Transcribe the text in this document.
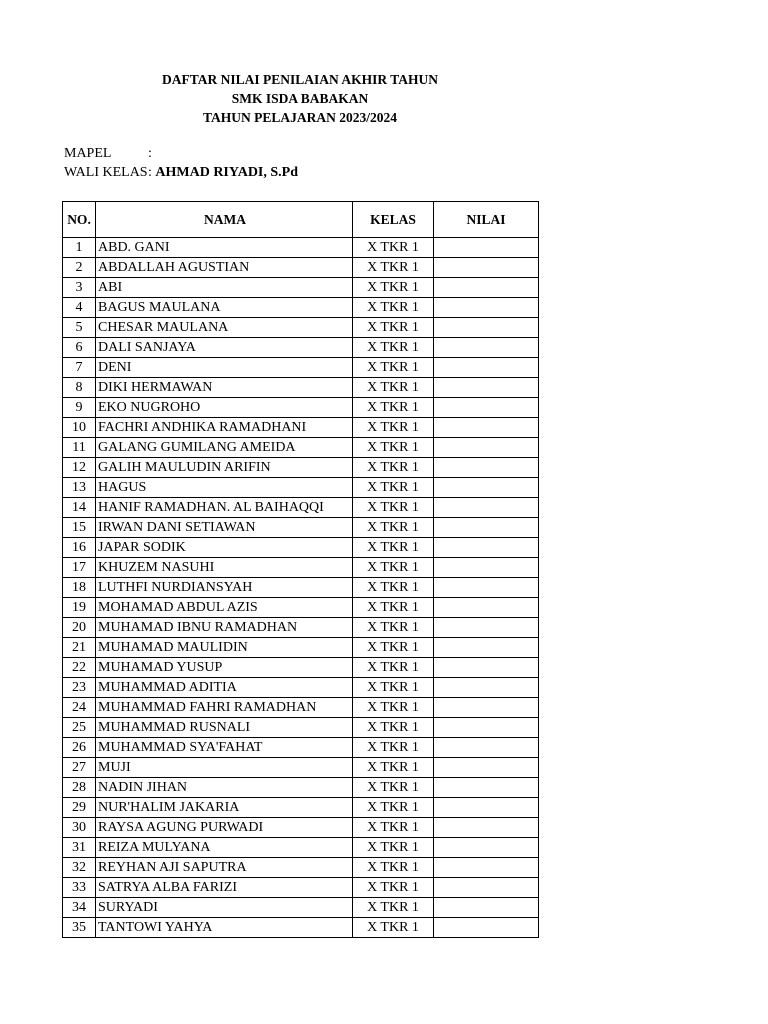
DAFTAR NILAI PENILAIAN AKHIR TAHUN
SMK ISDA BABAKAN
TAHUN PELAJARAN 2023/2024
MAPEL	:
WALI KELAS: AHMAD RIYADI, S.Pd
NO.	NAMA	KELAS	NILAI
1	ABD. GANI	X TKR 1	
2	ABDALLAH AGUSTIAN	X TKR 1	
3	ABI	X TKR 1	
4	BAGUS MAULANA	X TKR 1	
5	CHESAR MAULANA	X TKR 1	
6	DALI SANJAYA	X TKR 1	
7	DENI	X TKR 1	
8	DIKI HERMAWAN	X TKR 1	
9	EKO NUGROHO	X TKR 1	
10	FACHRI ANDHIKA RAMADHANI	X TKR 1	
11	GALANG GUMILANG AMEIDA	X TKR 1	
12	GALIH MAULUDIN ARIFIN	X TKR 1	
13	HAGUS	X TKR 1	
14	HANIF RAMADHAN. AL BAIHAQQI	X TKR 1	
15	IRWAN DANI SETIAWAN	X TKR 1	
16	JAPAR SODIK	X TKR 1	
17	KHUZEM NASUHI	X TKR 1	
18	LUTHFI NURDIANSYAH	X TKR 1	
19	MOHAMAD ABDUL AZIS	X TKR 1	
20	MUHAMAD IBNU RAMADHAN	X TKR 1	
21	MUHAMAD MAULIDIN	X TKR 1	
22	MUHAMAD YUSUP	X TKR 1	
23	MUHAMMAD ADITIA	X TKR 1	
24	MUHAMMAD FAHRI RAMADHAN	X TKR 1	
25	MUHAMMAD RUSNALI	X TKR 1	
26	MUHAMMAD SYA'FAHAT	X TKR 1	
27	MUJI	X TKR 1	
28	NADIN JIHAN	X TKR 1	
29	NUR'HALIM JAKARIA	X TKR 1	
30	RAYSA AGUNG PURWADI	X TKR 1	
31	REIZA MULYANA	X TKR 1	
32	REYHAN AJI SAPUTRA	X TKR 1	
33	SATRYA ALBA FARIZI	X TKR 1	
34	SURYADI	X TKR 1	
35	TANTOWI YAHYA	X TKR 1	
